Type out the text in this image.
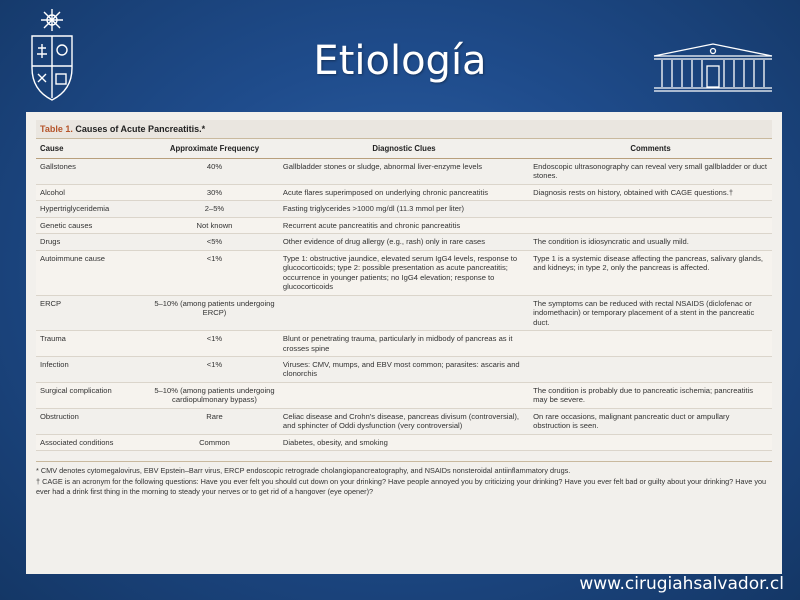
Etiología
Table 1. Causes of Acute Pancreatitis.*
Cause	Approximate Frequency	Diagnostic Clues	Comments
Gallstones	40%	Gallbladder stones or sludge, abnormal liver-enzyme levels	Endoscopic ultrasonography can reveal very small gallbladder or duct stones.
Alcohol	30%	Acute flares superimposed on underlying chronic pancreatitis	Diagnosis rests on history, obtained with CAGE questions.†
Hypertriglyceridemia	2–5%	Fasting triglycerides >1000 mg/dl (11.3 mmol per liter)	
Genetic causes	Not known	Recurrent acute pancreatitis and chronic pancreatitis	
Drugs	<5%	Other evidence of drug allergy (e.g., rash) only in rare cases	The condition is idiosyncratic and usually mild.
Autoimmune cause	<1%	Type 1: obstructive jaundice, elevated serum IgG4 levels, response to glucocorticoids; type 2: possible presentation as acute pancreatitis; occurrence in younger patients; no IgG4 elevation; response to glucocorticoids	Type 1 is a systemic disease affecting the pancreas, salivary glands, and kidneys; in type 2, only the pancreas is affected.
ERCP	5–10% (among patients undergoing ERCP)		The symptoms can be reduced with rectal NSAIDS (diclofenac or indomethacin) or temporary placement of a stent in the pancreatic duct.
Trauma	<1%	Blunt or penetrating trauma, particularly in midbody of pancreas as it crosses spine	
Infection	<1%	Viruses: CMV, mumps, and EBV most common; parasites: ascaris and clonorchis	
Surgical complication	5–10% (among patients undergoing cardiopulmonary bypass)		The condition is probably due to pancreatic ischemia; pancreatitis may be severe.
Obstruction	Rare	Celiac disease and Crohn's disease, pancreas divisum (controversial), and sphincter of Oddi dysfunction (very controversial)	On rare occasions, malignant pancreatic duct or ampullary obstruction is seen.
Associated conditions	Common	Diabetes, obesity, and smoking	
* CMV denotes cytomegalovirus, EBV Epstein–Barr virus, ERCP endoscopic retrograde cholangiopancreatography, and NSAIDs nonsteroidal antiinflammatory drugs.
† CAGE is an acronym for the following questions: Have you ever felt you should cut down on your drinking? Have people annoyed you by criticizing your drinking? Have you ever felt bad or guilty about your drinking? Have you ever had a drink first thing in the morning to steady your nerves or to get rid of a hangover (eye opener)?
www.cirugiahsalvador.cl
